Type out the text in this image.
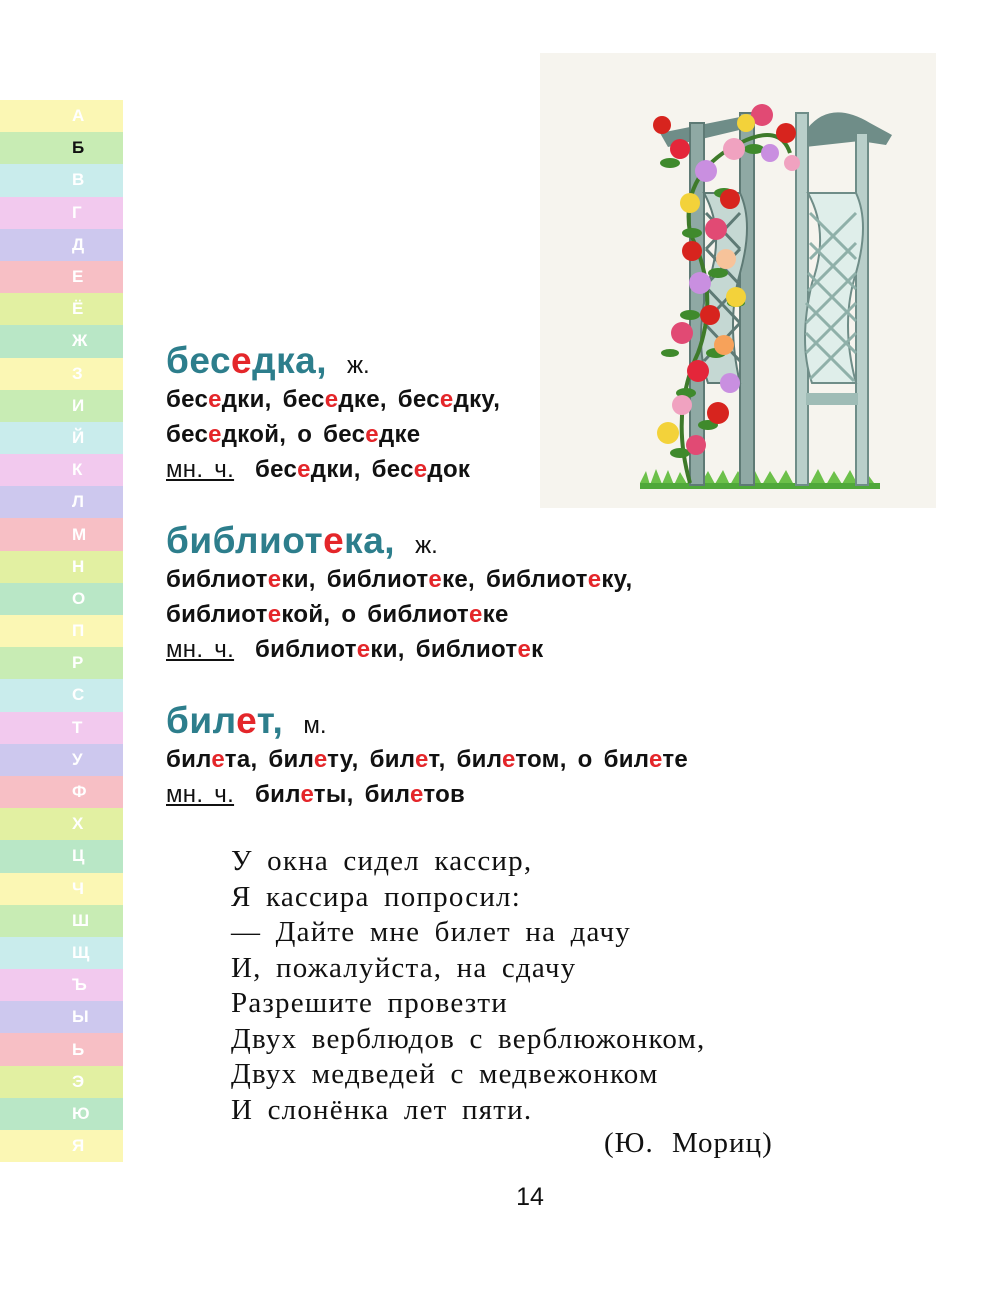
А
Б
В
Г
Д
Е
Ё
Ж
З
И
Й
К
Л
М
Н
О
П
Р
С
Т
У
Ф
Х
Ц
Ч
Ш
Щ
Ъ
Ы
Ь
Э
Ю
Я
беседка, ж.
беседки, беседке, беседку,
беседкой, о беседке
мн. ч. беседки, беседок
библиотека, ж.
библиотеки, библиотеке, библиотеку,
библиотекой, о библиотеке
мн. ч. библиотеки, библиотек
билет, м.
билета, билету, билет, билетом, о билете
мн. ч. билеты, билетов
У окна сидел кассир,
Я кассира попросил:
— Дайте мне билет на дачу
И, пожалуйста, на сдачу
Разрешите провезти
Двух верблюдов с верблюжонком,
Двух медведей с медвежонком
И слонёнка лет пяти.
(Ю. Мориц)
14
